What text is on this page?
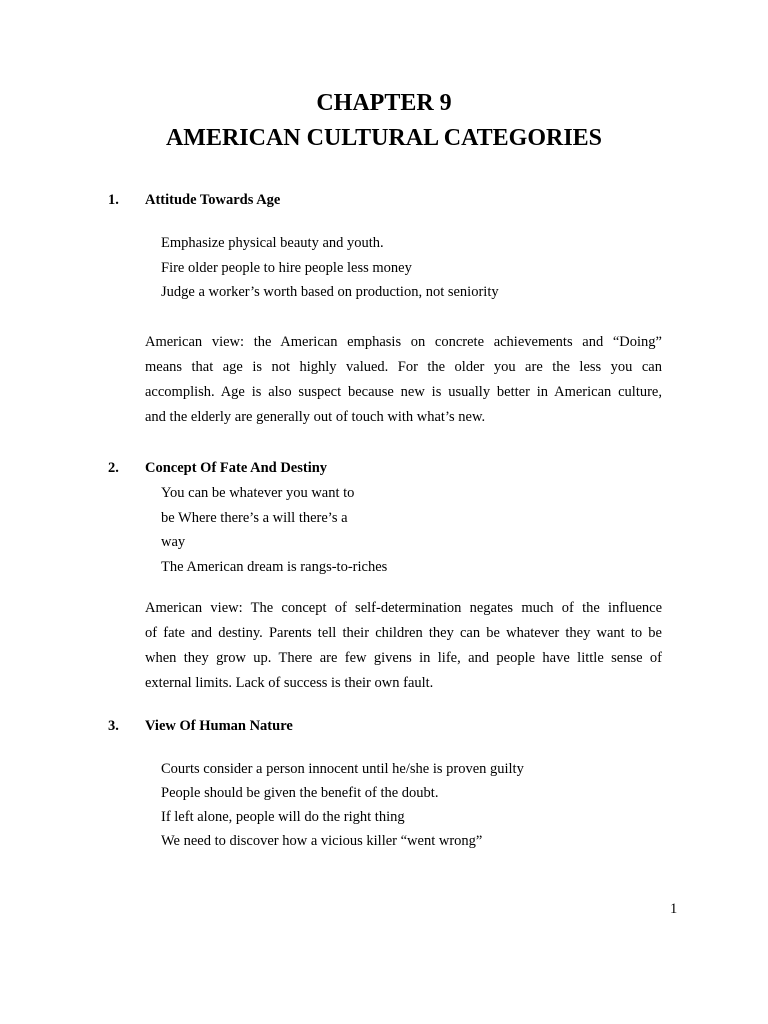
CHAPTER 9
AMERICAN CULTURAL CATEGORIES
1. Attitude Towards Age
Emphasize physical beauty and youth.
Fire older people to hire people less money
Judge a worker’s worth based on production, not seniority
American view: the American emphasis on concrete achievements and “Doing”
means that age is not highly valued. For the older you are the less you can
accomplish. Age is also suspect because new is usually better in American culture,
and the elderly are generally out of touch with what’s new.
2. Concept Of Fate And Destiny
You can be whatever you want to
be Where there’s a will there’s a
way
The American dream is rangs-to-riches
American view: The concept of self-determination negates much of the influence
of fate and destiny. Parents tell their children they can be whatever they want to be
when they grow up. There are few givens in life, and people have little sense of
external limits. Lack of success is their own fault.
3. View Of Human Nature
Courts consider a person innocent until he/she is proven guilty
People should be given the benefit of the doubt.
If left alone, people will do the right thing
We need to discover how a vicious killer “went wrong”
1
